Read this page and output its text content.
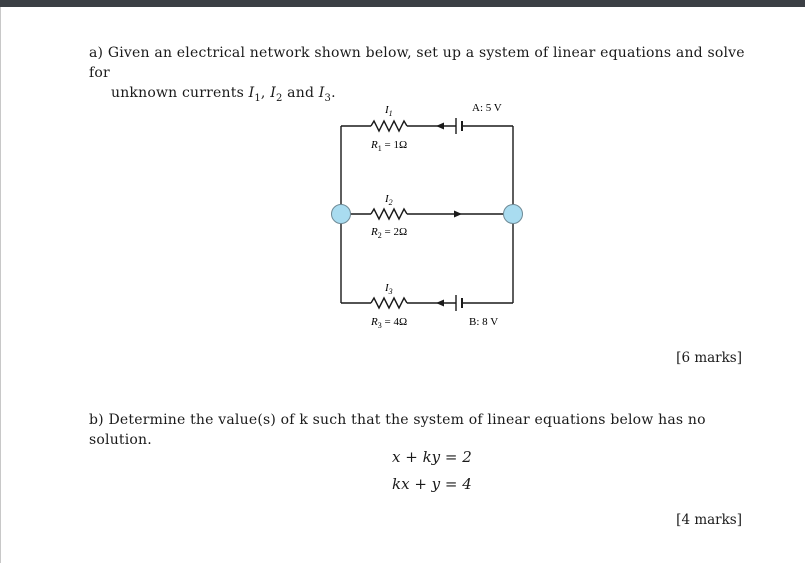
a) Given an electrical network shown below, set up a system of linear equations and solve for
unknown currents $I_1$, $I_2$ and $I_3$.
$I_1$
$R_1 = 1\Omega$
A: 5 V
$I_2$
$R_2 = 2\Omega$
$I_3$
$R_3 = 4\Omega$	B: 8 V
[6 marks]
b) Determine the value(s) of k such that the system of linear equations below has no solution.
x + ky = 2
kx + y = 4
[4 marks]
